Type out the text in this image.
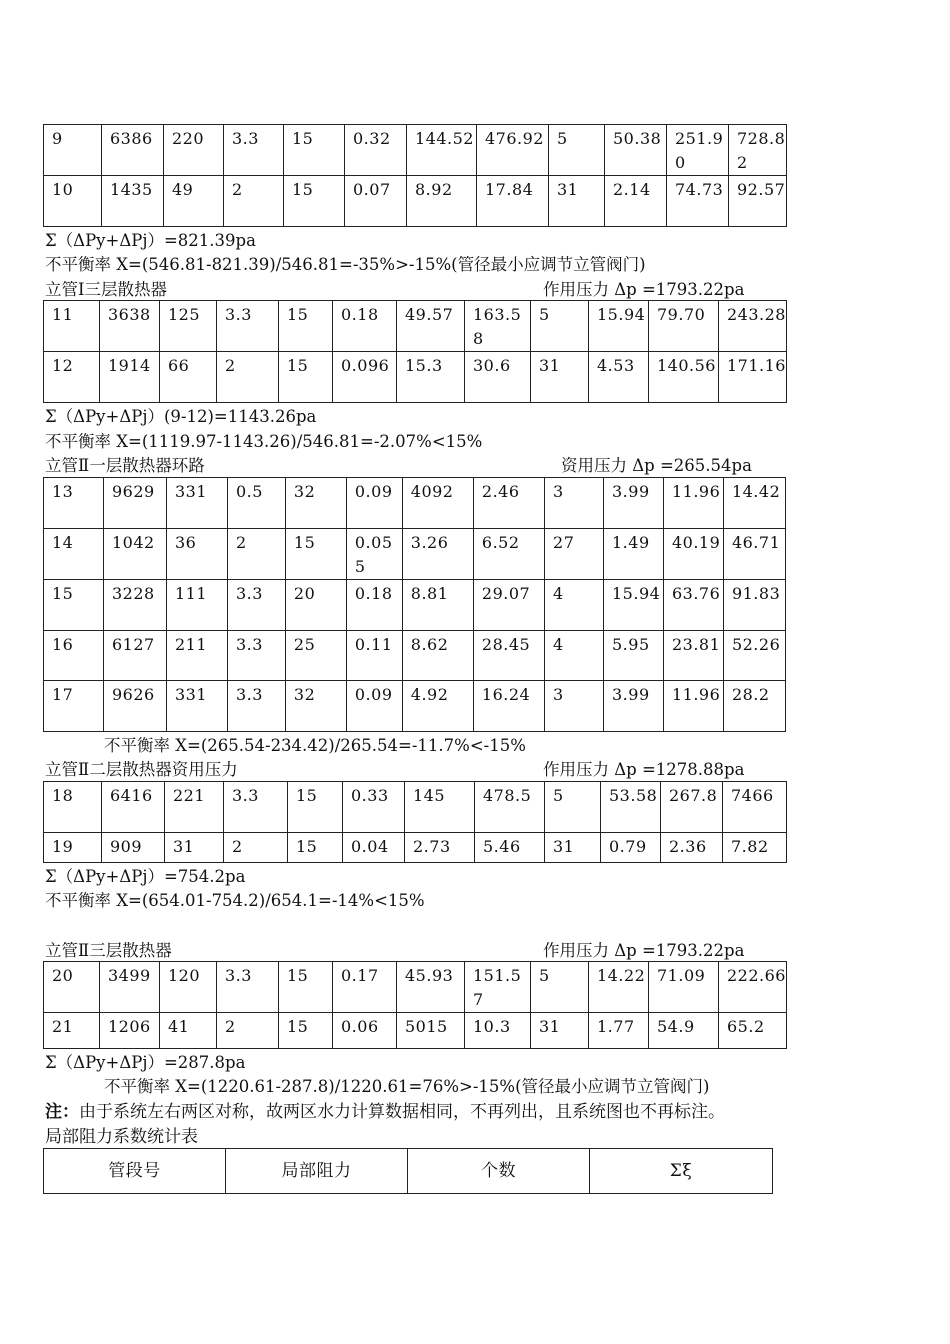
9	6386	220	3.3	15	0.32	144.52	476.92	5	50.38	251.90	728.82
10	1435	49	2	15	0.07	8.92	17.84	31	2.14	74.73	92.57
Σ（ΔPy+ΔPj）=821.39pa
不平衡率 X=(546.81-821.39)/546.81=-35%>-15%(管径最小应调节立管阀门)
立管Ⅰ三层散热器	作用压力 Δp =1793.22pa
11	3638	125	3.3	15	0.18	49.57	163.58	5	15.94	79.70	243.28
12	1914	66	2	15	0.096	15.3	30.6	31	4.53	140.56	171.16
Σ（ΔPy+ΔPj）(9-12)=1143.26pa
不平衡率 X=(1119.97-1143.26)/546.81=-2.07%<15%
立管Ⅱ一层散热器环路	资用压力 Δp =265.54pa
13	9629	331	0.5	32	0.09	4092	2.46	3	3.99	11.96	14.42
14	1042	36	2	15	0.055	3.26	6.52	27	1.49	40.19	46.71
15	3228	111	3.3	20	0.18	8.81	29.07	4	15.94	63.76	91.83
16	6127	211	3.3	25	0.11	8.62	28.45	4	5.95	23.81	52.26
17	9626	331	3.3	32	0.09	4.92	16.24	3	3.99	11.96	28.2
不平衡率 X=(265.54-234.42)/265.54=-11.7%<-15%
立管Ⅱ二层散热器资用压力	作用压力 Δp =1278.88pa
18	6416	221	3.3	15	0.33	145	478.5	5	53.58	267.8	7466
19	909	31	2	15	0.04	2.73	5.46	31	0.79	2.36	7.82
Σ（ΔPy+ΔPj）=754.2pa
不平衡率 X=(654.01-754.2)/654.1=-14%<15%
立管Ⅱ三层散热器	作用压力 Δp =1793.22pa
20	3499	120	3.3	15	0.17	45.93	151.57	5	14.22	71.09	222.66
21	1206	41	2	15	0.06	5015	10.3	31	1.77	54.9	65.2
Σ（ΔPy+ΔPj）=287.8pa
不平衡率 X=(1220.61-287.8)/1220.61=76%>-15%(管径最小应调节立管阀门)
注：由于系统左右两区对称，故两区水力计算数据相同，不再列出，且系统图也不再标注。
局部阻力系数统计表
管段号	局部阻力	个数	Σξ
